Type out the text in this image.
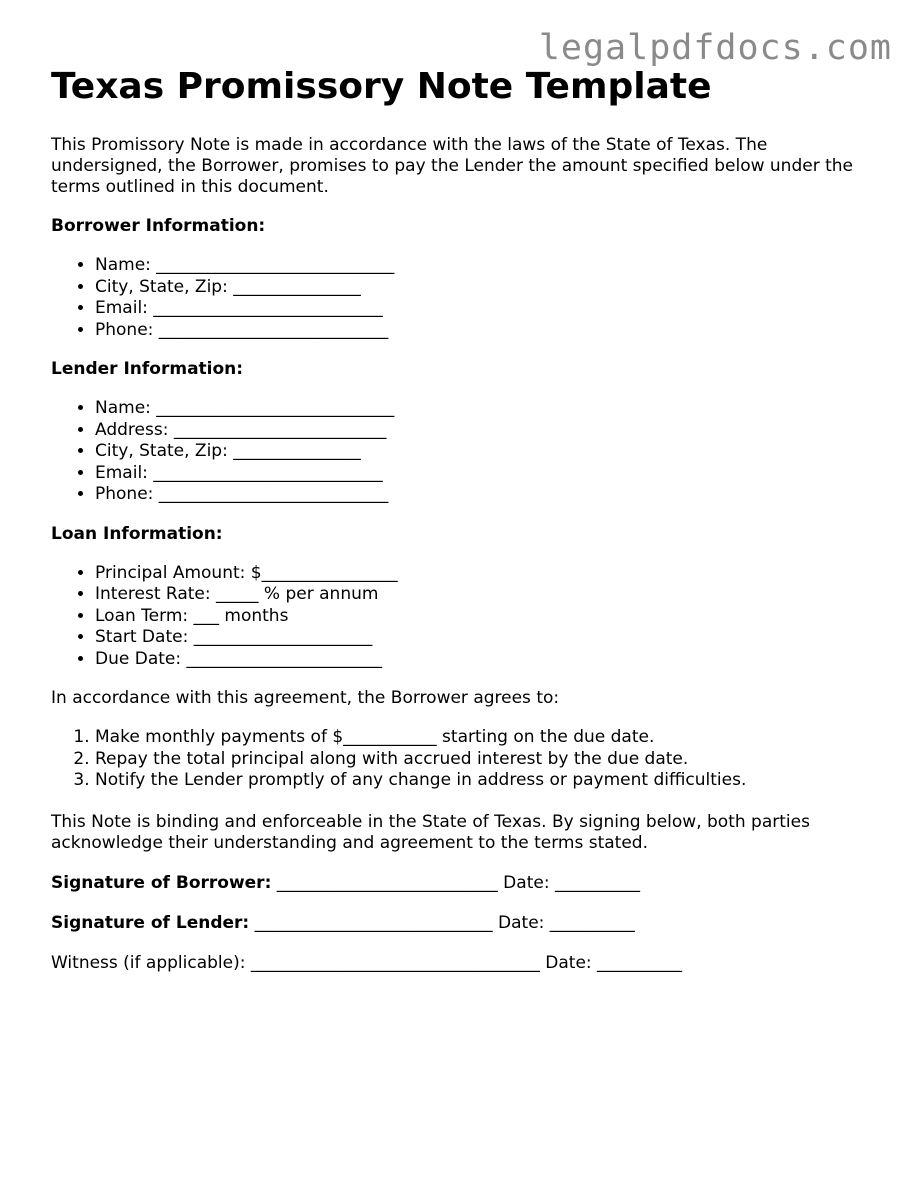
legalpdfdocs.com
Texas Promissory Note Template

This Promissory Note is made in accordance with the laws of the State of Texas. The undersigned, the Borrower, promises to pay the Lender the amount specified below under the terms outlined in this document.

Borrower Information:

• Name: ____________________________
• City, State, Zip: _______________
• Email: ___________________________
• Phone: ___________________________

Lender Information:

• Name: ____________________________
• Address: _________________________
• City, State, Zip: _______________
• Email: ___________________________
• Phone: ___________________________

Loan Information:

• Principal Amount: $________________
• Interest Rate: _____ % per annum
• Loan Term: ___ months
• Start Date: _____________________
• Due Date: _______________________

In accordance with this agreement, the Borrower agrees to:

1. Make monthly payments of $___________ starting on the due date.
2. Repay the total principal along with accrued interest by the due date.
3. Notify the Lender promptly of any change in address or payment difficulties.

This Note is binding and enforceable in the State of Texas. By signing below, both parties acknowledge their understanding and agreement to the terms stated.

Signature of Borrower: __________________________ Date: __________

Signature of Lender: ____________________________ Date: __________

Witness (if applicable): __________________________________ Date: __________
